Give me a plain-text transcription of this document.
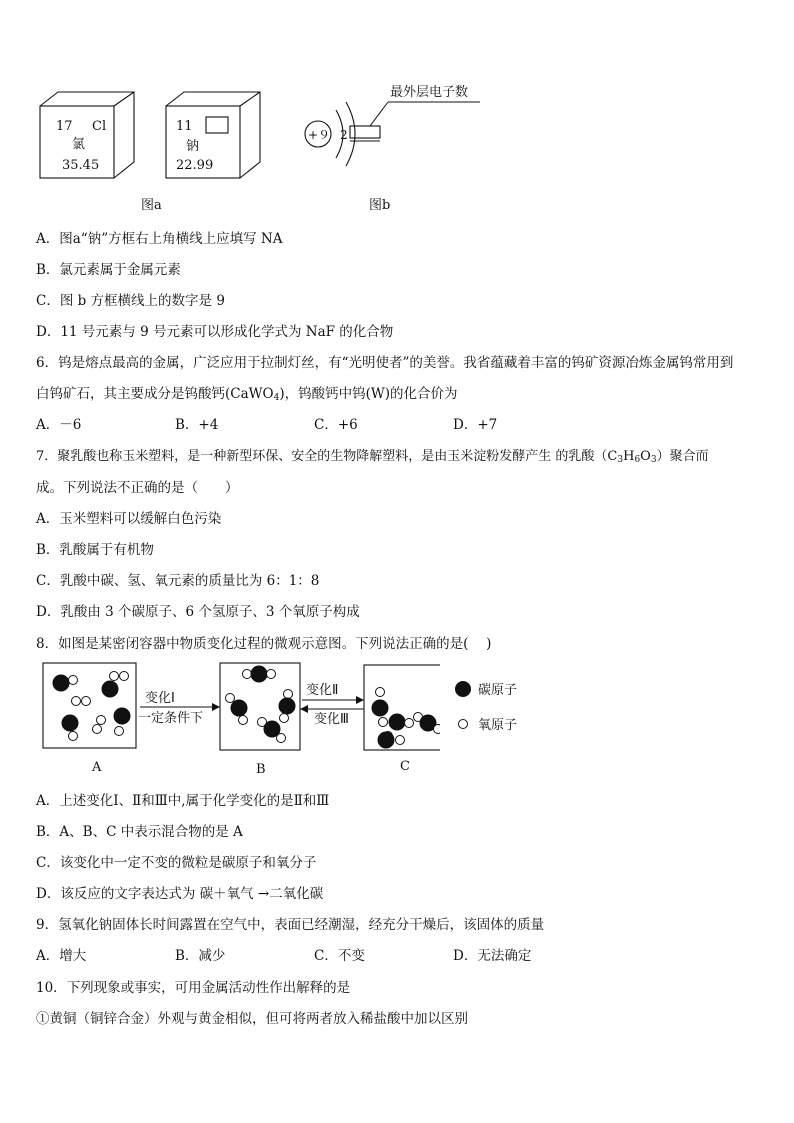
17 Cl
氯
35.45
11
钠
22.99
图a
+９ 2
最外层电子数
图b
A．图a“钠”方框右上角横线上应填写 NA
B．氯元素属于金属元素
C．图 b 方框横线上的数字是 9
D．11 号元素与 9 号元素可以形成化学式为 NaF 的化合物
6．钨是熔点最高的金属，广泛应用于拉制灯丝，有“光明使者”的美誉。我省蕴藏着丰富的钨矿资源冶炼金属钨常用到
白钨矿石，其主要成分是钨酸钙(CaWO$_4$)，钨酸钙中钨(W)的化合价为
A．－6	B．+4	C．+6	D．+7
7．聚乳酸也称玉米塑料，是一种新型环保、安全的生物降解塑料，是由玉米淀粉发酵产生 的乳酸$(C_3H_6O_3)$聚合而
成。下列说法不正确的是（　　）
A．玉米塑料可以缓解白色污染
B．乳酸属于有机物
C．乳酸中碳、氢、氧元素的质量比为 6：1：8
D．乳酸由 3 个碳原子、6 个氢原子、3 个氧原子构成
8．如图是某密闭容器中物质变化过程的微观示意图。下列说法正确的是(　 )
变化Ⅰ
一定条件下
变化Ⅱ
变化Ⅲ
碳原子
氧原子
A	B	C
A．上述变化Ⅰ、Ⅱ和Ⅲ中,属于化学变化的是Ⅱ和Ⅲ
B．A、B、C 中表示混合物的是 A
C．该变化中一定不变的微粒是碳原子和氧分子
D．该反应的文字表达式为 碳＋氧气 →二氧化碳
9．氢氧化钠固体长时间露置在空气中，表面已经潮湿，经充分干燥后，该固体的质量
A．增大	B．减少	C．不变	D．无法确定
10．下列现象或事实，可用金属活动性作出解释的是
①黄铜（铜锌合金）外观与黄金相似，但可将两者放入稀盐酸中加以区别
